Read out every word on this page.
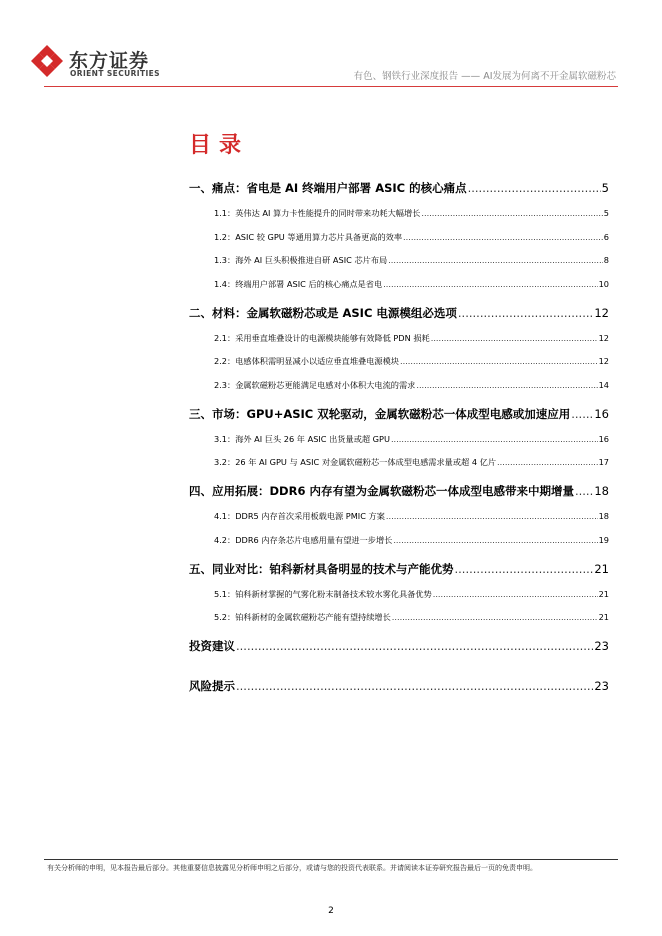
东方证券
ORIENT SECURITIES	有色、钢铁行业深度报告 —— AI发展为何离不开金属软磁粉芯
目录
一、痛点：省电是 AI 终端用户部署 ASIC 的核心痛点 .....	5
1.1：英伟达 AI 算力卡性能提升的同时带来功耗大幅增长 .....	5
1.2：ASIC 较 GPU 等通用算力芯片具备更高的效率 .....	6
1.3：海外 AI 巨头积极推进自研 ASIC 芯片布局 .....	8
1.4：终端用户部署 ASIC 后的核心痛点是省电 .....	10
二、材料：金属软磁粉芯或是 ASIC 电源模组必选项 .....	12
2.1：采用垂直堆叠设计的电源模块能够有效降低 PDN 损耗 .....	12
2.2：电感体积需明显减小以适应垂直堆叠电源模块 .....	12
2.3：金属软磁粉芯更能满足电感对小体积大电流的需求 .....	14
三、市场：GPU+ASIC 双轮驱动，金属软磁粉芯一体成型电感或加速应用 ..... 16
3.1：海外 AI 巨头 26 年 ASIC 出货量或超 GPU .....	16
3.2：26 年 AI GPU 与 ASIC 对金属软磁粉芯一体成型电感需求量或超 4 亿片 .....	17
四、应用拓展：DDR6 内存有望为金属软磁粉芯一体成型电感带来中期增量 ..... 18
4.1：DDR5 内存首次采用板载电源 PMIC 方案 .....	18
4.2：DDR6 内存条芯片电感用量有望进一步增长 .....	19
五、同业对比：铂科新材具备明显的技术与产能优势 .....	21
5.1：铂科新材掌握的气雾化粉末制备技术较水雾化具备优势 .....	21
5.2：铂科新材的金属软磁粉芯产能有望持续增长 .....	21
投资建议 .....	23
风险提示 .....	23
有关分析师的申明，见本报告最后部分。其他重要信息披露见分析师申明之后部分，或请与您的投资代表联系。并请阅读本证券研究报告最后一页的免责申明。
2
